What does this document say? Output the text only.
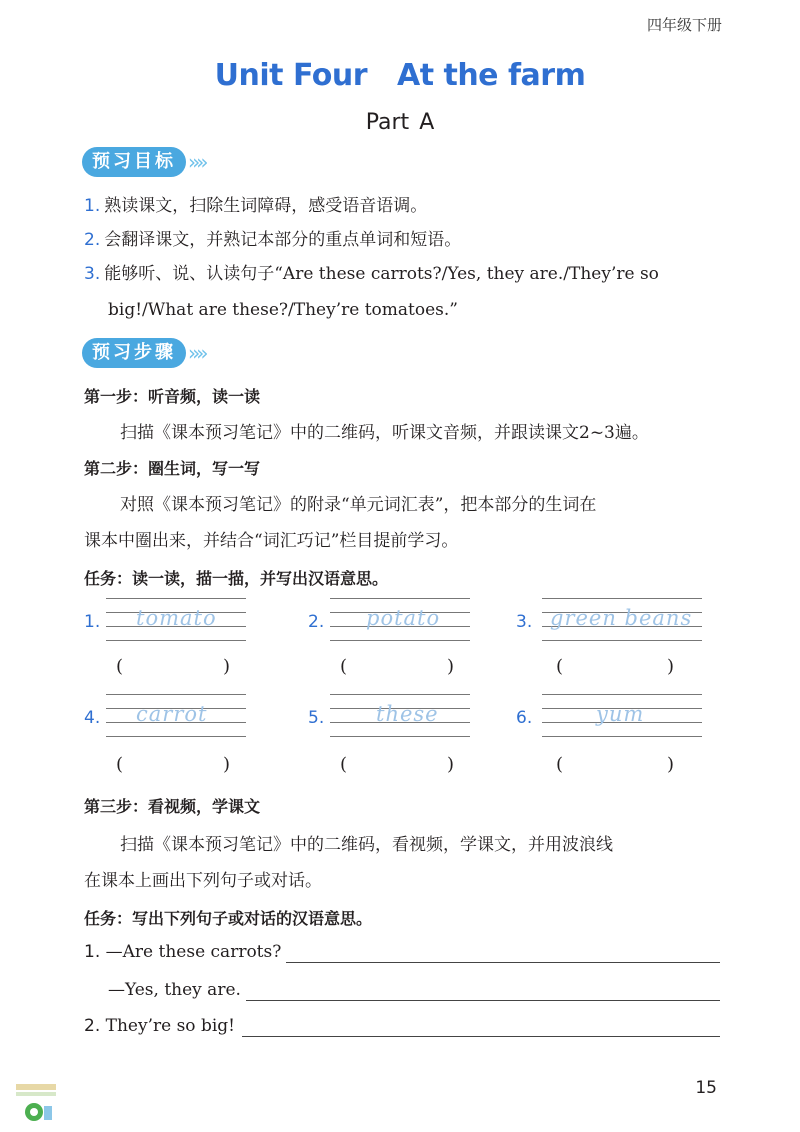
四年级下册
Unit Four At the farm
Part A
预习目标 »»
1. 熟读课文，扫除生词障碍，感受语音语调。
2. 会翻译课文，并熟记本部分的重点单词和短语。
3. 能够听、说、认读句子“Are these carrots?/Yes, they are./They’re so
big!/What are these?/They’re tomatoes.”
预习步骤 »»
第一步：听音频，读一读
扫描《课本预习笔记》中的二维码，听课文音频，并跟读课文2~3遍。
第二步：圈生词，写一写
对照《课本预习笔记》的附录“单元词汇表”，把本部分的生词在
课本中圈出来，并结合“词汇巧记”栏目提前学习。
任务：读一读，描一描，并写出汉语意思。
1. tomato	2. potato	3. green beans
(	)	(	)	(	)
4. carrot	5. these	6.	yum
(	)	(	)	(	)
第三步：看视频，学课文
扫描《课本预习笔记》中的二维码，看视频，学课文，并用波浪线
在课本上画出下列句子或对话。
任务：写出下列句子或对话的汉语意思。
1. —Are these carrots?
—Yes, they are.
2. They’re so big!
15
